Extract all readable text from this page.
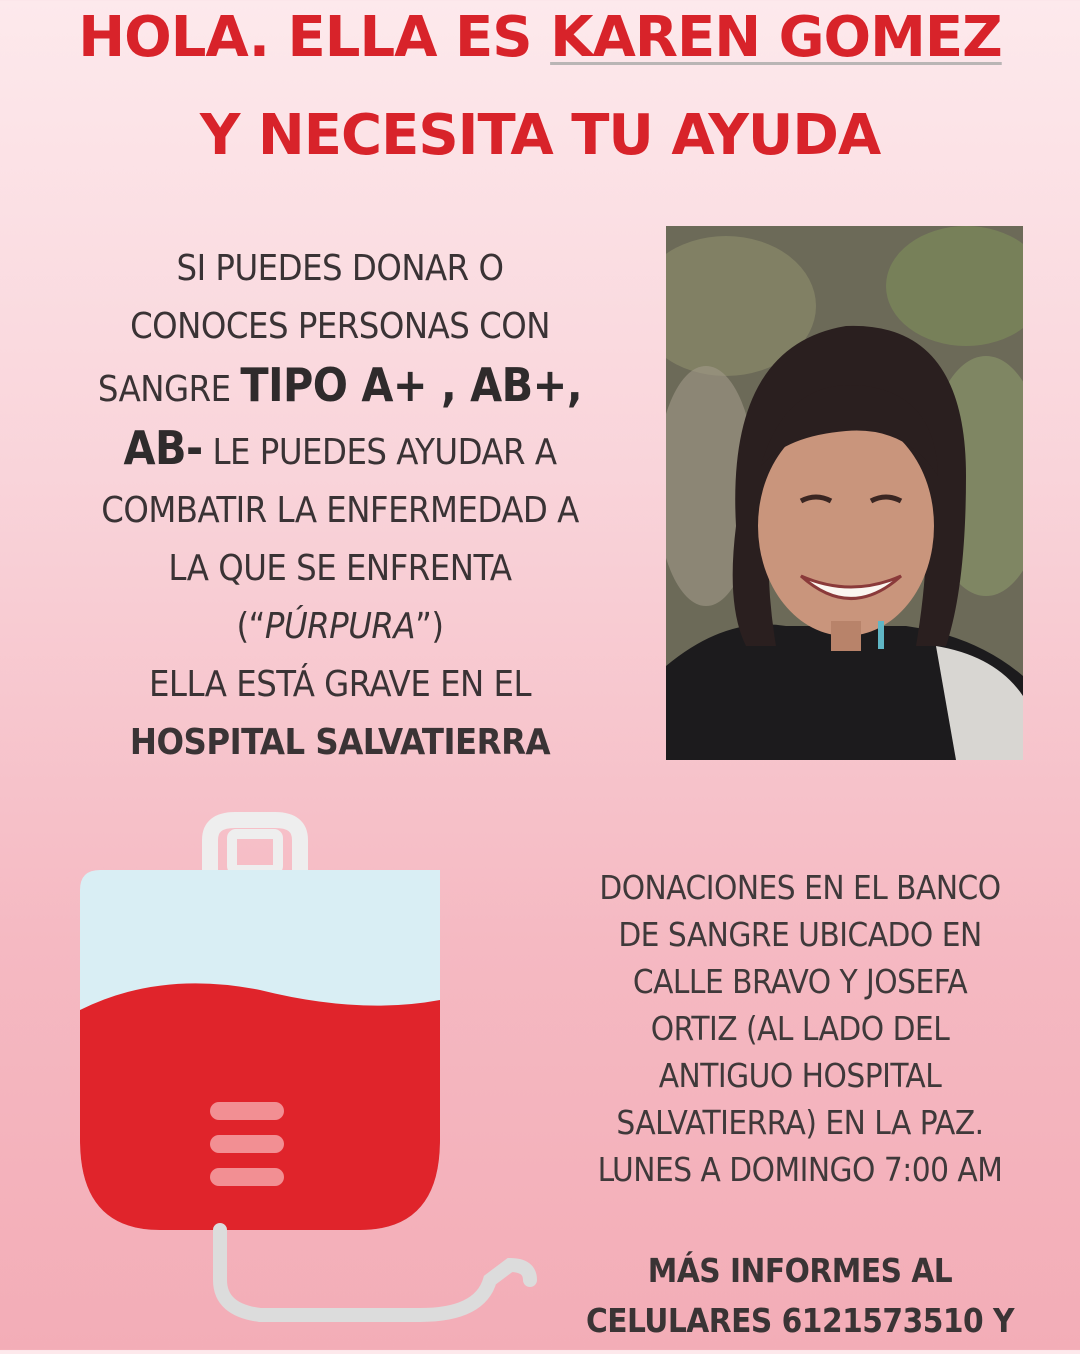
HOLA. ELLA ES KAREN GOMEZ
Y NECESITA TU AYUDA
SI PUEDES DONAR O
CONOCES PERSONAS CON
SANGRE TIPO A+ , AB+,
AB- LE PUEDES AYUDAR A
COMBATIR LA ENFERMEDAD A
LA QUE SE ENFRENTA
(“PÚRPURA”)
ELLA ESTÁ GRAVE EN EL
HOSPITAL SALVATIERRA
DONACIONES EN EL BANCO
DE SANGRE UBICADO EN
CALLE BRAVO Y JOSEFA
ORTIZ (AL LADO DEL
ANTIGUO HOSPITAL
SALVATIERRA) EN LA PAZ.
LUNES A DOMINGO 7:00 AM
MÁS INFORMES AL
CELULARES 6121573510 Y
